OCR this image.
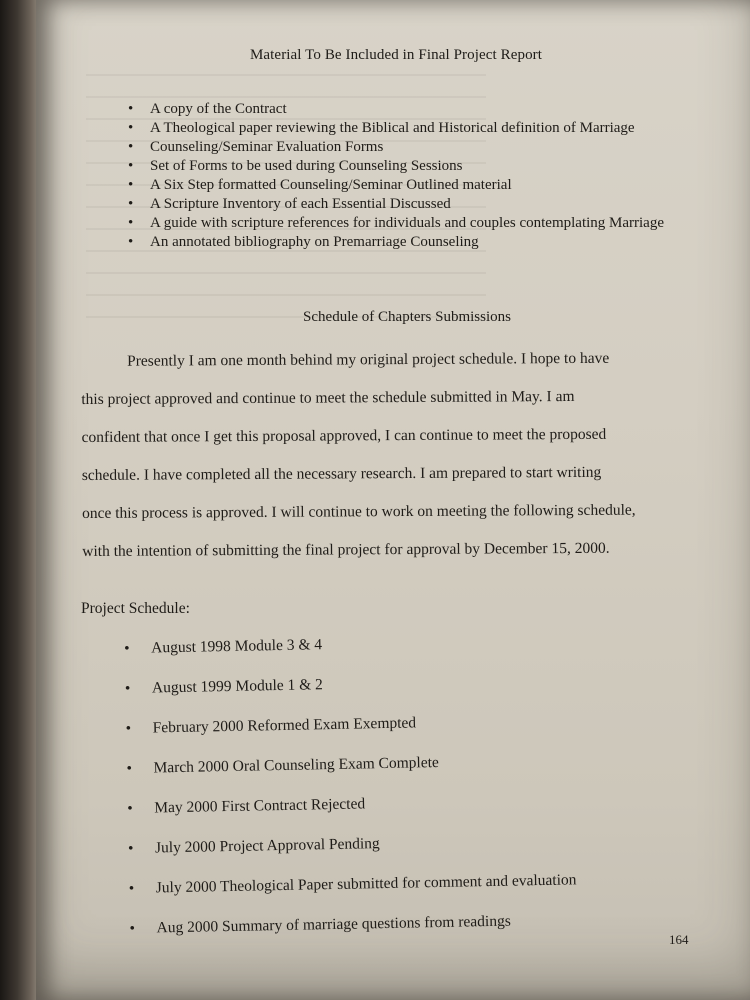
Material To Be Included in Final Project Report
• A copy of the Contract
• A Theological paper reviewing the Biblical and Historical definition of Marriage
• Counseling/Seminar Evaluation Forms
• Set of Forms to be used during Counseling Sessions
• A Six Step formatted Counseling/Seminar Outlined material
• A Scripture Inventory of each Essential Discussed
• A guide with scripture references for individuals and couples contemplating Marriage
• An annotated bibliography on Premarriage Counseling
Schedule of Chapters Submissions

Presently I am one month behind my original project schedule. I hope to have
this project approved and continue to meet the schedule submitted in May. I am
confident that once I get this proposal approved, I can continue to meet the proposed
schedule. I have completed all the necessary research. I am prepared to start writing
once this process is approved. I will continue to work on meeting the following schedule,
with the intention of submitting the final project for approval by December 15, 2000.

Project Schedule:
• August 1998 Module 3 & 4
• August 1999 Module 1 & 2
• February 2000 Reformed Exam Exempted
• March 2000 Oral Counseling Exam Complete
• May 2000 First Contract Rejected
• July 2000 Project Approval Pending
• July 2000 Theological Paper submitted for comment and evaluation
• Aug 2000 Summary of marriage questions from readings
164
